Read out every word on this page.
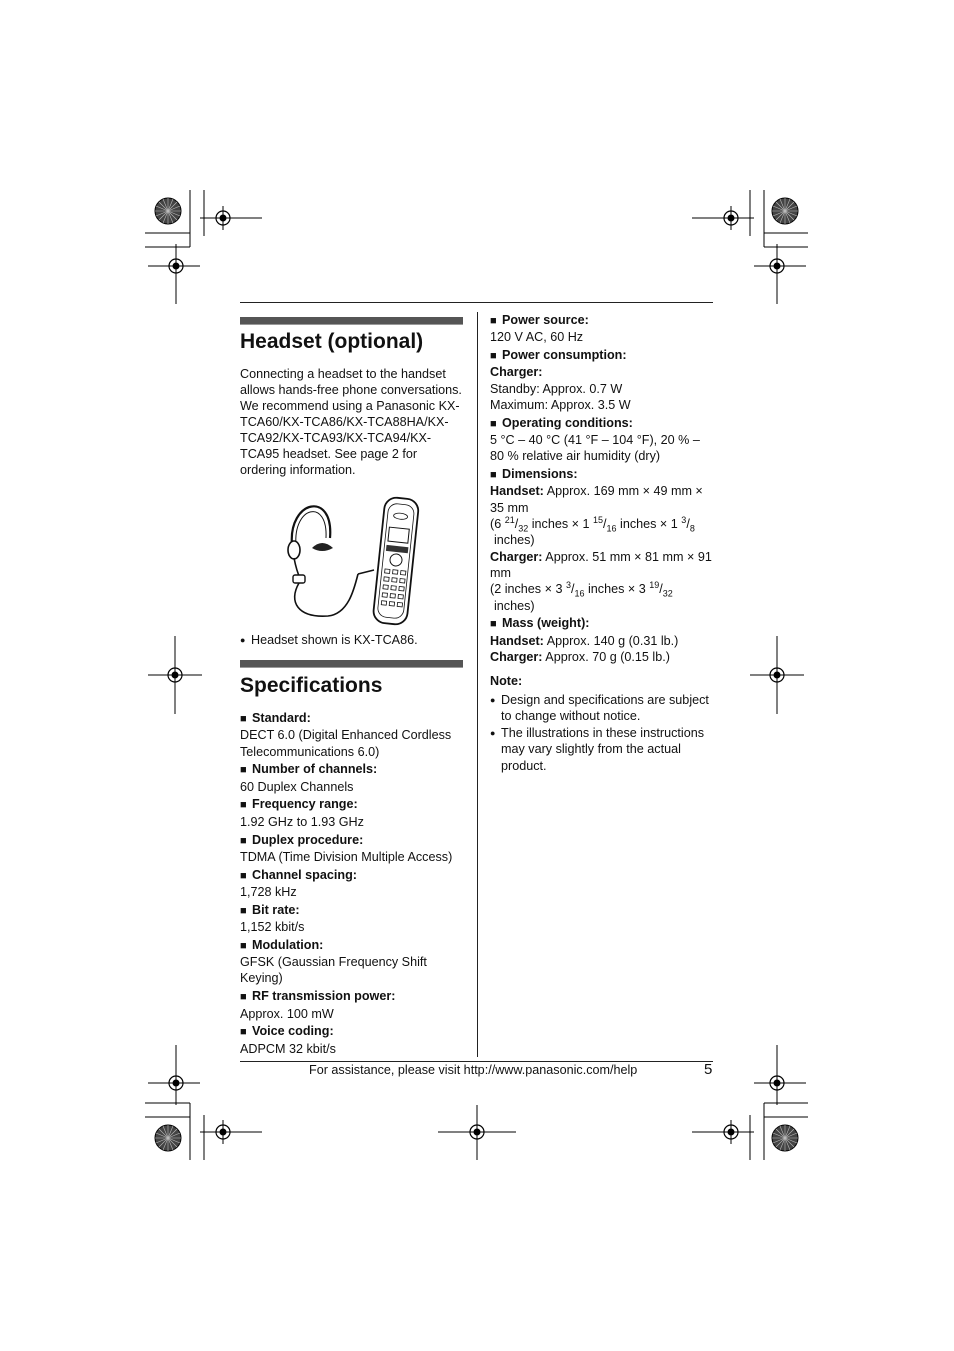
Headset (optional)

Connecting a headset to the handset allows hands-free phone conversations. We recommend using a Panasonic KX-TCA60/KX-TCA86/KX-TCA88HA/KX-TCA92/KX-TCA93/KX-TCA94/KX-TCA95 headset. See page 2 for ordering information.

● Headset shown is KX-TCA86.
Specifications
■ Standard:
DECT 6.0 (Digital Enhanced Cordless Telecommunications 6.0)
■ Number of channels:
60 Duplex Channels
■ Frequency range:
1.92 GHz to 1.93 GHz
■ Duplex procedure:
TDMA (Time Division Multiple Access)
■ Channel spacing:
1,728 kHz
■ Bit rate:
1,152 kbit/s
■ Modulation:
GFSK (Gaussian Frequency Shift Keying)
■ RF transmission power:
Approx. 100 mW
■ Voice coding:
ADPCM 32 kbit/s
■ Power source:
120 V AC, 60 Hz
■ Power consumption:
Charger:
Standby: Approx. 0.7 W
Maximum: Approx. 3.5 W
■ Operating conditions:
5 °C – 40 °C (41 °F – 104 °F), 20 % – 80 % relative air humidity (dry)
■ Dimensions:
Handset: Approx. 169 mm × 49 mm × 35 mm
(6 $^{21}/_{32}$ inches × 1 $^{15}/_{16}$ inches × 1 $^3/_8$
inches)
Charger: Approx. 51 mm × 81 mm × 91 mm
(2 inches × 3 $^3/_{16}$ inches × 3 $^{19}/_{32}$
inches)
■ Mass (weight):
Handset: Approx. 140 g (0.31 lb.)
Charger: Approx. 70 g (0.15 lb.)
Note:
● Design and specifications are subject to change without notice.
● The illustrations in these instructions may vary slightly from the actual product.
For assistance, please visit http://www.panasonic.com/help	5
